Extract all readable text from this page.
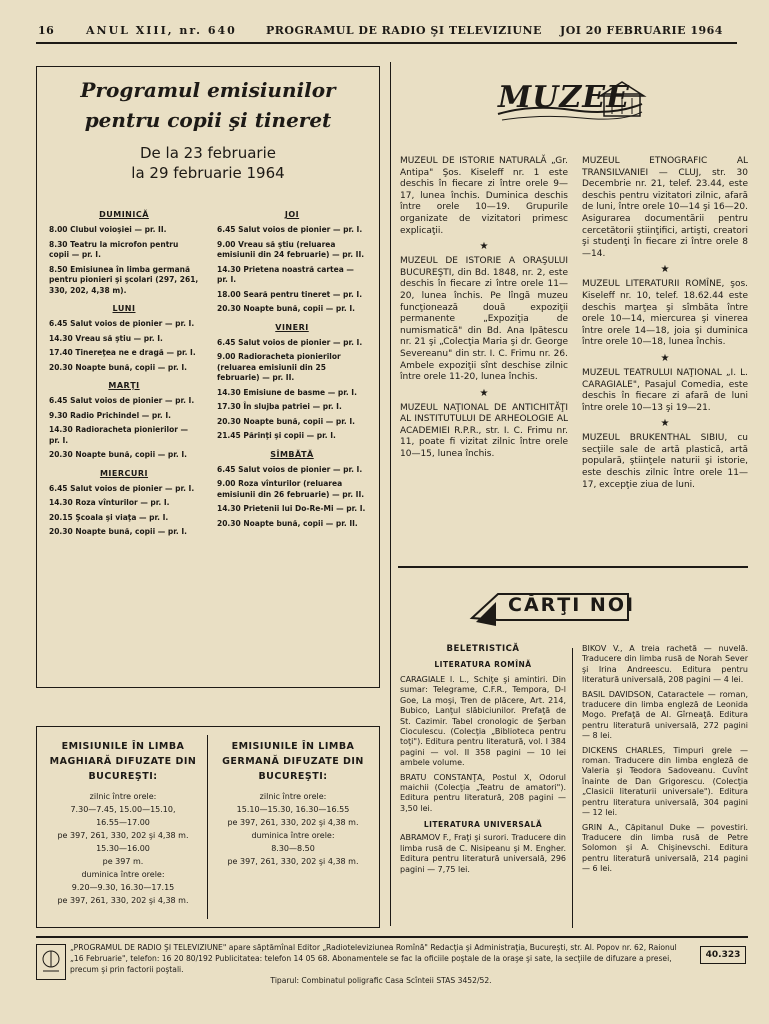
16	ANUL XIII, nr. 640	PROGRAMUL DE RADIO ŞI TELEVIZIUNE JOI 20 FEBRUARIE 1964
Programul emisiunilor
pentru copii şi tineret
De la 23 februarie
la 29 februarie 1964
DUMINICĂ
8.00 Clubul voioşiei — pr. II.
8.30 Teatru la microfon pentru copii — pr. I.
8.50 Emisiunea în limba germană pentru pionieri şi şcolari (297, 261, 330, 202, 4,38 m).
LUNI
6.45 Salut voios de pionier — pr. I.
14.30 Vreau să ştiu — pr. I.
17.40 Tinereţea ne e dragă — pr. I.
20.30 Noapte bună, copii — pr. I.
MARŢI
6.45 Salut voios de pionier — pr. I.
9.30 Radio Prichindel — pr. I.
14.30 Radiorachetа pionierilor — pr. I.
20.30 Noapte bună, copii — pr. I.
MIERCURI
6.45 Salut voios de pionier — pr. I.
14.30 Roza vînturilor — pr. I.
20.15 Şcoala şi viaţa — pr. I.
20.30 Noapte bună, copii — pr. I.
JOI
6.45 Salut voios de pionier — pr. I.
9.00 Vreau să ştiu (reluarea emisiunii din 24 februarie) — pr. II.
14.30 Prietena noastră cartea — pr. I.
18.00 Seară pentru tineret — pr. I.
20.30 Noapte bună, copii — pr. I.
VINERI
6.45 Salut voios de pionier — pr. I.
9.00 Radiorachetа pionierilor (reluarea emisiunii din 25 februarie) — pr. II.
14.30 Emisiune de basme — pr. I.
17.30 În slujba patriei — pr. I.
20.30 Noapte bună, copii — pr. I.
21.45 Părinţi şi copii — pr. I.
SÎMBĂTĂ
6.45 Salut voios de pionier — pr. I.
9.00 Roza vînturilor (reluarea emisiunii din 26 februarie) — pr. II.
14.30 Prietenii lui Do-Re-Mi — pr. I.
20.30 Noapte bună, copii — pr. II.
EMISIUNILE ÎN LIMBA MAGHIARĂ DIFUZATE DIN BUCUREŞTI:
zilnic între orele:
7.30—7.45, 15.00—15.10,
16.55—17.00
pe 397, 261, 330, 202 şi 4,38 m.
15.30—16.00
pe 397 m.
duminica între orele:
9.20—9.30, 16.30—17.15
pe 397, 261, 330, 202 şi 4,38 m.
EMISIUNILE ÎN LIMBA GERMANĂ DIFUZATE DIN BUCUREŞTI:
zilnic între orele:
15.10—15.30, 16.30—16.55
pe 397, 261, 330, 202 şi 4,38 m.
duminica între orele:
8.30—8.50
pe 397, 261, 330, 202 şi 4,38 m.
MUZEE
MUZEUL DE ISTORIE NATURALĂ „Gr. Antipa" Şos. Kiseleff nr. 1 este deschis în fiecare zi între orele 9—17, lunea închis. Duminica deschis între orele 10—19. Grupurile organizate de vizitatori primesc explicaţii.
★
MUZEUL DE ISTORIE A ORAŞULUI BUCUREŞTI, din Bd. 1848, nr. 2, este deschis în fiecare zi între orele 11—20, lunea închis. Pe lîngă muzeu funcţionează două expoziţii permanente „Expoziţia de numismatică" din Bd. Ana Ipătescu nr. 21 şi „Colecţia Maria şi dr. George Severeanu" din str. I. C. Frimu nr. 26. Ambele expoziţii sînt deschise zilnic între orele 11-20, lunea închis.
★
MUZEUL NAŢIONAL DE ANTICHITĂŢI AL INSTITUTULUI DE ARHEOLOGIE AL ACADEMIEI R.P.R., str. I. C. Frimu nr. 11, poate fi vizitat zilnic între orele 10—15, lunea închis.
MUZEUL ETNOGRAFIC AL TRANSILVANIEI — CLUJ, str. 30 Decembrie nr. 21, telef. 23.44, este deschis pentru vizitatori zilnic, afară de luni, între orele 10—14 şi 16—20. Asigurarea documentării pentru cercetătorii ştiinţifici, artişti, creatori şi studenţi în fiecare zi între orele 8—14.
★
MUZEUL LITERATURII ROMÎNE, şos. Kiseleff nr. 10, telef. 18.62.44 este deschis marţea şi sîmbăta între orele 10—14, miercurea şi vinerea între orele 14—18, joia şi duminica între orele 10—18, lunea închis.
★
MUZEUL TEATRULUI NAŢIONAL „I. L. CARAGIALE", Pasajul Comedia, este deschis în fiecare zi afară de luni între orele 10—13 şi 19—21.
★
MUZEUL BRUKENTHAL SIBIU, cu secţiile sale de artă plastică, artă populară, ştiinţele naturii şi istorie, este deschis zilnic între orele 11—17, excepţie ziua de luni.
CĂRŢI NOI
BELETRISTICĂ
LITERATURA ROMÎNĂ
CARAGIALE I. L., Schiţe şi amintiri. Din sumar: Telegrame, C.F.R., Tempora, D-l Goe, La moşi, Tren de plăcere, Art. 214, Bubico, Lanţul slăbiciunilor. Prefaţă de St. Cazimir. Tabel cronologic de Şerban Cioculescu. (Colecţia „Biblioteca pentru toţi"). Editura pentru literatură, vol. I 384 pagini — vol. II 358 pagini — 10 lei ambele volume.
BRATU CONSTANŢA, Postul X, Odorul maichii (Colecţia „Teatru de amatori"). Editura pentru literatură, 208 pagini — 3,50 lei.
LITERATURA UNIVERSALĂ
ABRAMOV F., Fraţi şi surori. Traducere din limba rusă de C. Nisipeanu şi M. Engher. Editura pentru literatură universală, 296 pagini — 7,75 lei.
BIKOV V., A treia rachetă — nuvelă. Traducere din limba rusă de Norah Sever şi Irina Andreescu. Editura pentru literatură universală, 208 pagini — 4 lei.
BASIL DAVIDSON, Cataractele — roman, traducere din limba engleză de Leonida Mogo. Prefaţă de Al. Gîrneaţă. Editura pentru literatură universală, 272 pagini — 8 lei.
DICKENS CHARLES, Timpuri grele — roman. Traducere din limba engleză de Valeria şi Teodora Sadoveanu. Cuvînt înainte de Dan Grigorescu. (Colecţia „Clasicii literaturii universale"). Editura pentru literatura universală, 304 pagini — 12 lei.
GRIN A., Căpitanul Duke — povestiri. Traducere din limba rusă de Petre Solomon şi A. Chişinevschi. Editura pentru literatură universală, 214 pagini — 6 lei.
„PROGRAMUL DE RADIO ŞI TELEVIZIUNE" apare săptămînal Editor „Radioteleviziunea Romînă" Redacţia şi Administraţia, Bucureşti, str. Al. Popov nr. 62, Raionul „16 Februarie", telefon: 16 20 80/192 Publicitatea: telefon 14 05 68. Abonamentele se fac la oficiile poştale de la oraşe şi sate, la secţiile de difuzare a presei, precum şi prin factorii poştali.
Tiparul: Combinatul poligrafic Casa Scînteii STAS 3452/52.
40.323
